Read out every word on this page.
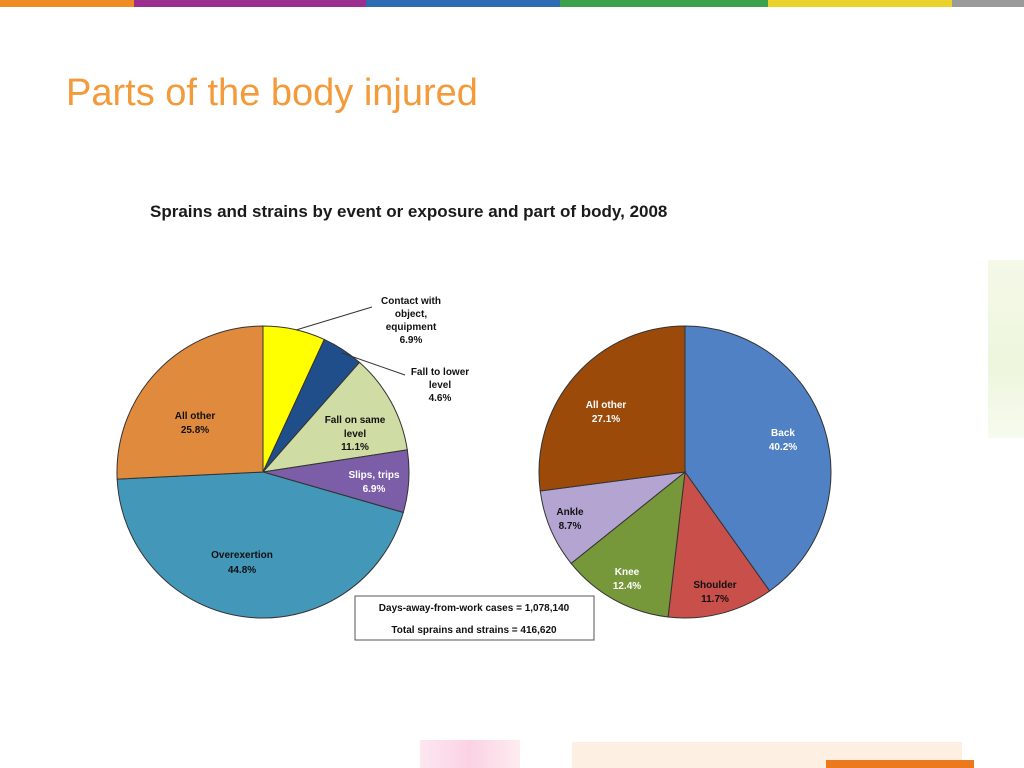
Parts of the body injured
Sprains and strains by event or exposure and part of body, 2008
Contact with
object,
equipment
6.9%
Fall to lower
level
4.6%
Fall on same
level
11.1%
Slips, trips
6.9%
Overexertion
44.8%
All other
25.8%	Back
40.2%
Shoulder
11.7%
Knee
12.4%
Ankle
8.7%
All other
27.1%
Days-away-from-work cases = 1,078,140
Total sprains and strains = 416,620
